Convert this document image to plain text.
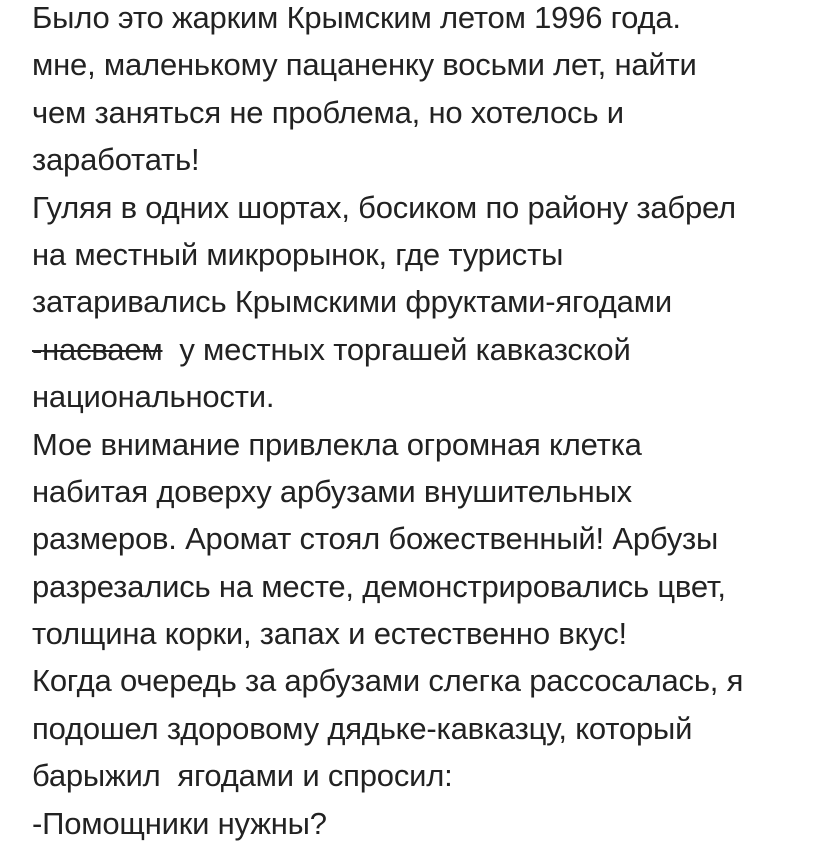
Было это жарким Крымским летом 1996 года.
мне, маленькому пацаненку восьми лет, найти
чем заняться не проблема, но хотелось и
заработать!
Гуляя в одних шортах, босиком по району забрел
на местный микрорынок, где туристы
затаривались Крымскими фруктами-ягодами
-насваем  у местных торгашей кавказской
национальности.
Мое внимание привлекла огромная клетка
набитая доверху арбузами внушительных
размеров. Аромат стоял божественный! Арбузы
разрезались на месте, демонстрировались цвет,
толщина корки, запах и естественно вкус!
Когда очередь за арбузами слегка рассосалась, я
подошел здоровому дядьке-кавказцу, который
барыжил  ягодами и спросил:
-Помощники нужны?
